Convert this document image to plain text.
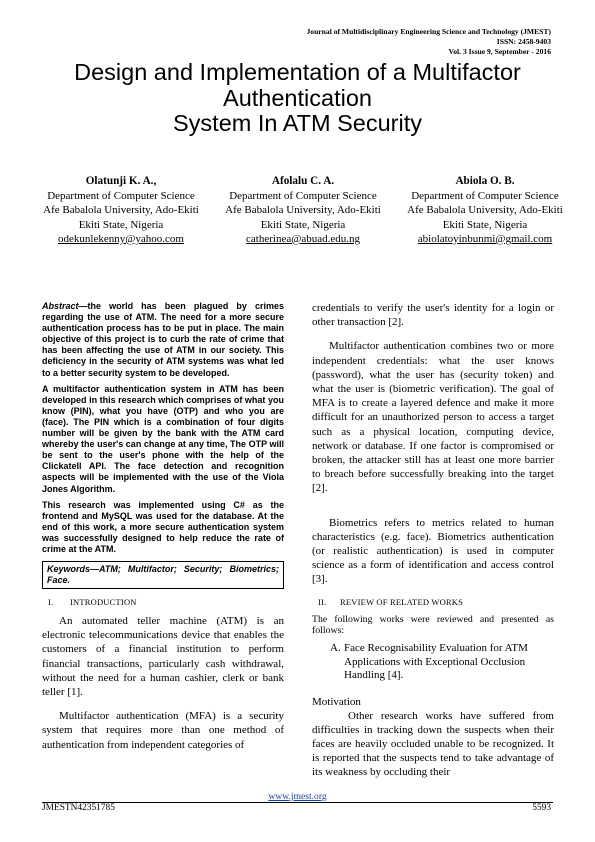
Journal of Multidisciplinary Engineering Science and Technology (JMEST)
ISSN: 2458-9403
Vol. 3 Issue 9, September - 2016
Design and Implementation of a Multifactor
Authentication
System In ATM Security
Olatunji K. A.,
Department of Computer Science
Afe Babalola University, Ado-Ekiti
Ekiti State, Nigeria
odekunlekenny@yahoo.com
Afolalu C. A.
Department of Computer Science
Afe Babalola University, Ado-Ekiti
Ekiti State, Nigeria
catherinea@abuad.edu.ng
Abiola O. B.
Department of Computer Science
Afe Babalola University, Ado-Ekiti
Ekiti State, Nigeria
abiolatoyinbunmi@gmail.com

Abstract—the world has been plagued by crimes regarding the use of ATM. The need for a more secure authentication process has to be put in place. The main objective of this project is to curb the rate of crime that has been affecting the use of ATM in our society. This deficiency in the security of ATM systems was what led to a better security system to be developed.

A multifactor authentication system in ATM has been developed in this research which comprises of what you know (PIN), what you have (OTP) and who you are (face). The PIN which is a combination of four digits number will be given by the bank with the ATM card whereby the user's can change at any time, The OTP will be sent to the user's phone with the help of the Clickatell API. The face detection and recognition aspects will be implemented with the use of the Viola Jones Algorithm.

This research was implemented using C# as the frontend and MySQL was used for the database. At the end of this work, a more secure authentication system was successfully designed to help reduce the rate of crime at the ATM.

Keywords—ATM; Multifactor; Security; Biometrics; Face.
I. INTRODUCTION

An automated teller machine (ATM) is an electronic telecommunications device that enables the customers of a financial institution to perform financial transactions, particularly cash withdrawal, without the need for a human cashier, clerk or bank teller [1].

Multifactor authentication (MFA) is a security system that requires more than one method of authentication from independent categories of

credentials to verify the user's identity for a login or other transaction [2].

Multifactor authentication combines two or more independent credentials: what the user knows (password), what the user has (security token) and what the user is (biometric verification). The goal of MFA is to create a layered defence and make it more difficult for an unauthorized person to access a target such as a physical location, computing device, network or database. If one factor is compromised or broken, the attacker still has at least one more barrier to breach before successfully breaking into the target [2].

Biometrics refers to metrics related to human characteristics (e.g. face). Biometrics authentication (or realistic authentication) is used in computer science as a form of identification and access control [3].

II. REVIEW OF RELATED WORKS

The following works were reviewed and presented as follows:

A. Face Recognisability Evaluation for ATM Applications with Exceptional Occlusion Handling [4].

Motivation

Other research works have suffered from difficulties in tracking down the suspects when their faces are heavily occluded unable to be recognized. It is reported that the suspects tend to take advantage of its weakness by occluding their

www.jmest.org
JMESTN42351785	5593
